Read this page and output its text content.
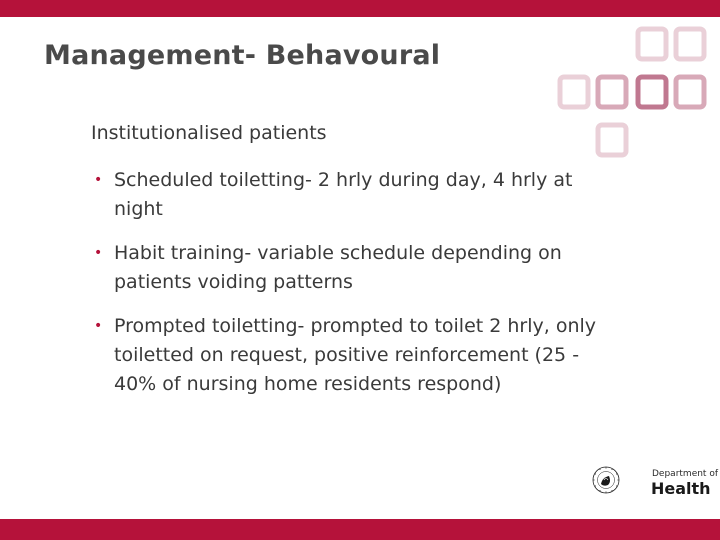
Management- Behavoural
Institutionalised patients
• Scheduled toiletting- 2 hrly during day, 4 hrly at
night
• Habit training- variable schedule depending on
patients voiding patterns
• Prompted toiletting- prompted to toilet 2 hrly, only
toiletted on request, positive reinforcement (25 -
40% of nursing home residents respond)
Department of
Health
